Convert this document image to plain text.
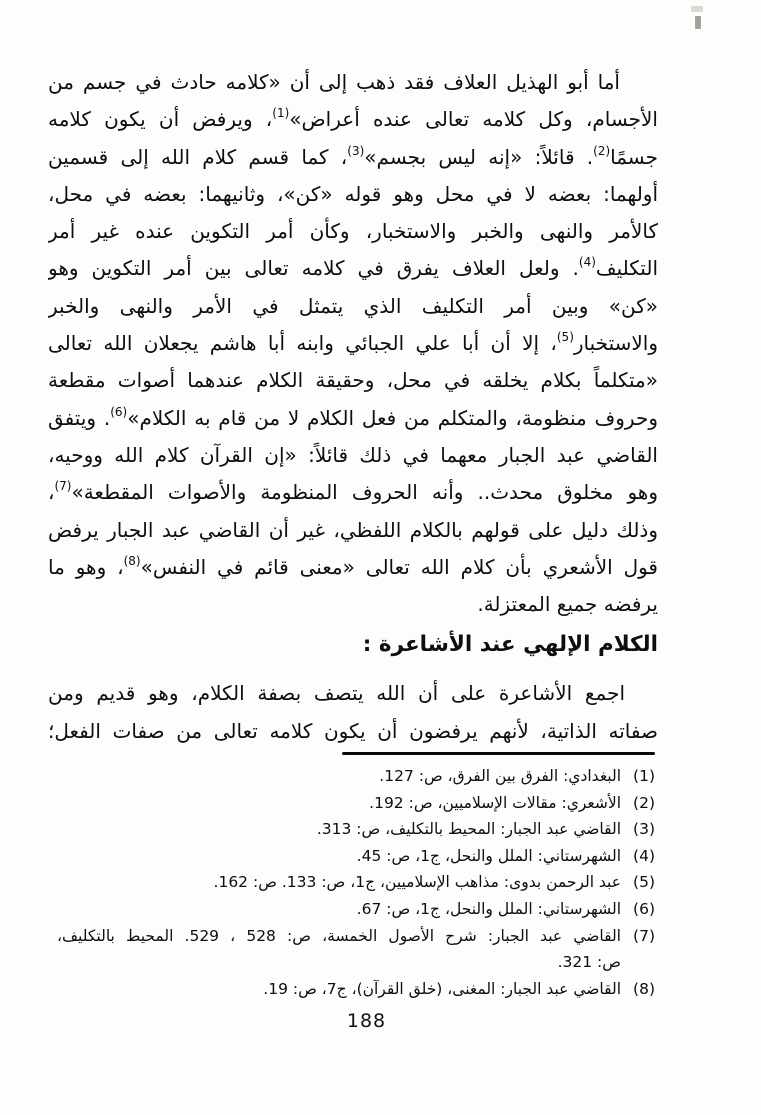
أما أبو الهذيل العلاف فقد ذهب إلى أن «كلامه حادث في جسم من
الأجسام، وكل كلامه تعالى عنده أعراض»$^{(1)}$، ويرفض أن يكون كلامه
جسمًا$^{(2)}$. قائلاً: «إنه ليس بجسم»$^{(3)}$، كما قسم كلام الله إلى قسمين
أولهما: بعضه لا في محل وهو قوله «كن»، وثانيهما: بعضه في محل،
كالأمر والنهى والخبر والاستخبار، وكأن أمر التكوين عنده غير أمر
التكليف$^{(4)}$. ولعل العلاف يفرق في كلامه تعالى بين أمر التكوين وهو
«كن» وبين أمر التكليف الذي يتمثل في الأمر والنهى والخبر
والاستخبار$^{(5)}$، إلا أن أبا علي الجبائي وابنه أبا هاشم يجعلان الله تعالى
«متكلماً بكلام يخلقه في محل، وحقيقة الكلام عندهما أصوات مقطعة
وحروف منظومة، والمتكلم من فعل الكلام لا من قام به الكلام»$^{(6)}$. ويتفق
القاضي عبد الجبار معهما في ذلك قائلاً: «إن القرآن كلام الله ووحيه،
وهو مخلوق محدث.. وأنه الحروف المنظومة والأصوات المقطعة»$^{(7)}$،
وذلك دليل على قولهم بالكلام اللفظي، غير أن القاضي عبد الجبار يرفض
قول الأشعري بأن كلام الله تعالى «معنى قائم في النفس»$^{(8)}$، وهو ما
يرفضه جميع المعتزلة.
الكلام الإلهي عند الأشاعرة :
اجمع الأشاعرة على أن الله يتصف بصفة الكلام، وهو قديم ومن
صفاته الذاتية، لأنهم يرفضون أن يكون كلامه تعالى من صفات الفعل؛
(1)
البغدادي: الفرق بين الفرق، ص: 127.
(2)
الأشعري: مقالات الإسلاميين، ص: 192.
(3)
القاضي عبد الجبار: المحيط بالتكليف، ص: 313.
(4)
الشهرستاني: الملل والنحل، ج1، ص: 45.
(5)
عبد الرحمن بدوى: مذاهب الإسلاميين، ج1، ص: 133. ص: 162.
(6)
الشهرستاني: الملل والنحل، ج1، ص: 67.
(7)
القاضي عبد الجبار: شرح الأصول الخمسة، ص: 528 ، 529. المحيط بالتكليف،
ص: 321.
(8)
القاضي عبد الجبار: المغنى، (خلق القرآن)، ج7، ص: 19.
188
